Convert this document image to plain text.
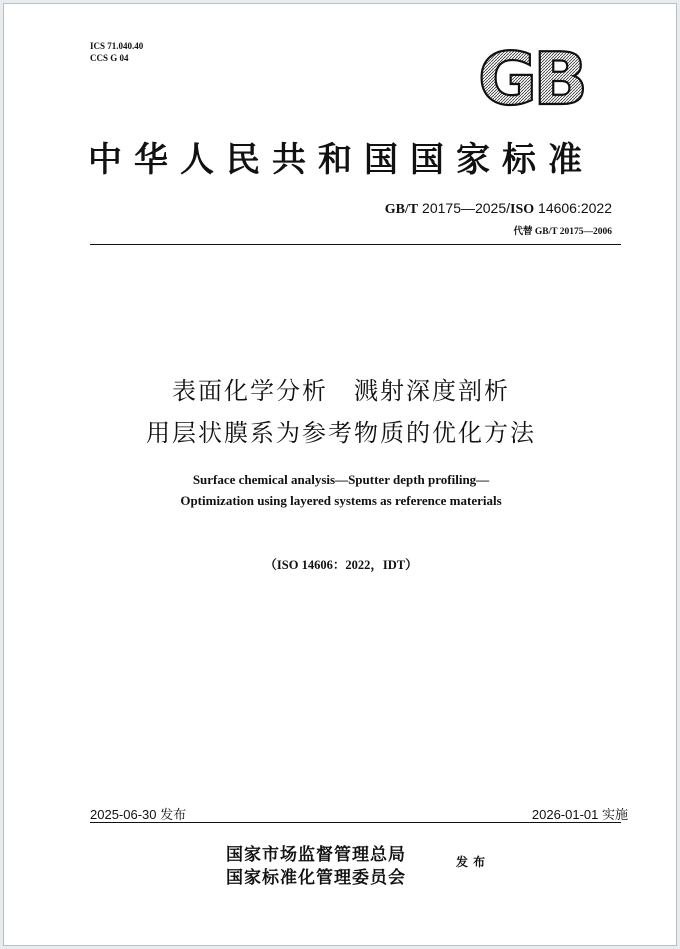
ICS 71.040.40
CCS G 04	GB
中华人民共和国国家标准
GB/T 20175—2025/ISO 14606:2022
代替 GB/T 20175—2006
表面化学分析　溅射深度剖析
用层状膜系为参考物质的优化方法
Surface chemical analysis—Sputter depth profiling—
Optimization using layered systems as reference materials
（ISO 14606：2022，IDT）
2025-06-30 发布	2026-01-01 实施
国家市场监督管理总局
国家标准化管理委员会
发布
